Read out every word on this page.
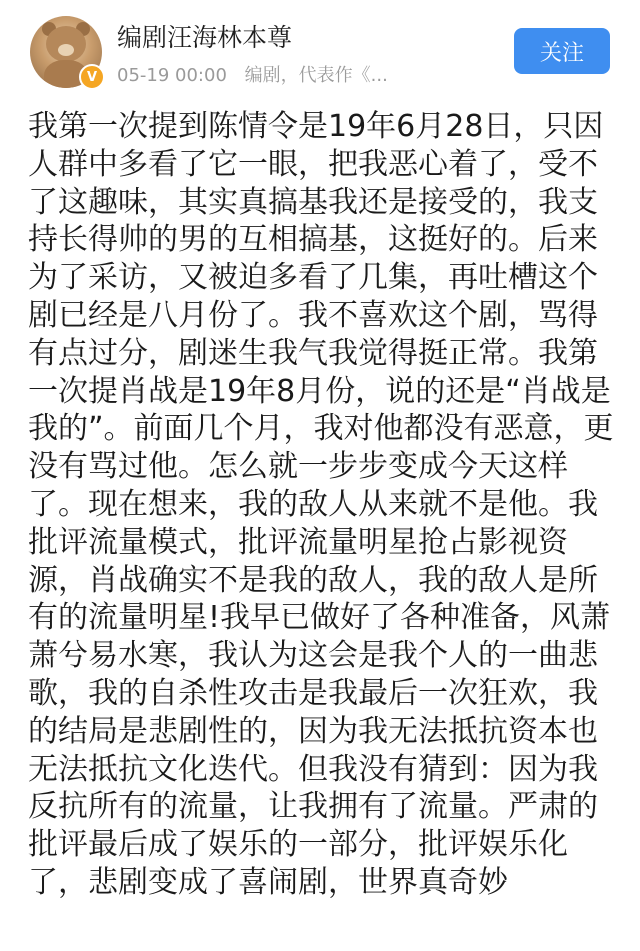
V
编剧汪海林本尊
05-19 00:00 编剧，代表作《...
关注
我第一次提到陈情令是19年6月28日，只因
人群中多看了它一眼，把我恶心着了，受不
了这趣味，其实真搞基我还是接受的，我支
持长得帅的男的互相搞基，这挺好的。后来
为了采访，又被迫多看了几集，再吐槽这个
剧已经是八月份了。我不喜欢这个剧，骂得
有点过分，剧迷生我气我觉得挺正常。我第
一次提肖战是19年8月份，说的还是“肖战是
我的”。前面几个月，我对他都没有恶意，更
没有骂过他。怎么就一步步变成今天这样
了。现在想来，我的敌人从来就不是他。我
批评流量模式，批评流量明星抢占影视资
源，肖战确实不是我的敌人，我的敌人是所
有的流量明星!我早已做好了各种准备，风萧
萧兮易水寒，我认为这会是我个人的一曲悲
歌，我的自杀性攻击是我最后一次狂欢，我
的结局是悲剧性的，因为我无法抵抗资本也
无法抵抗文化迭代。但我没有猜到：因为我
反抗所有的流量，让我拥有了流量。严肃的
批评最后成了娱乐的一部分，批评娱乐化
了，悲剧变成了喜闹剧，世界真奇妙
